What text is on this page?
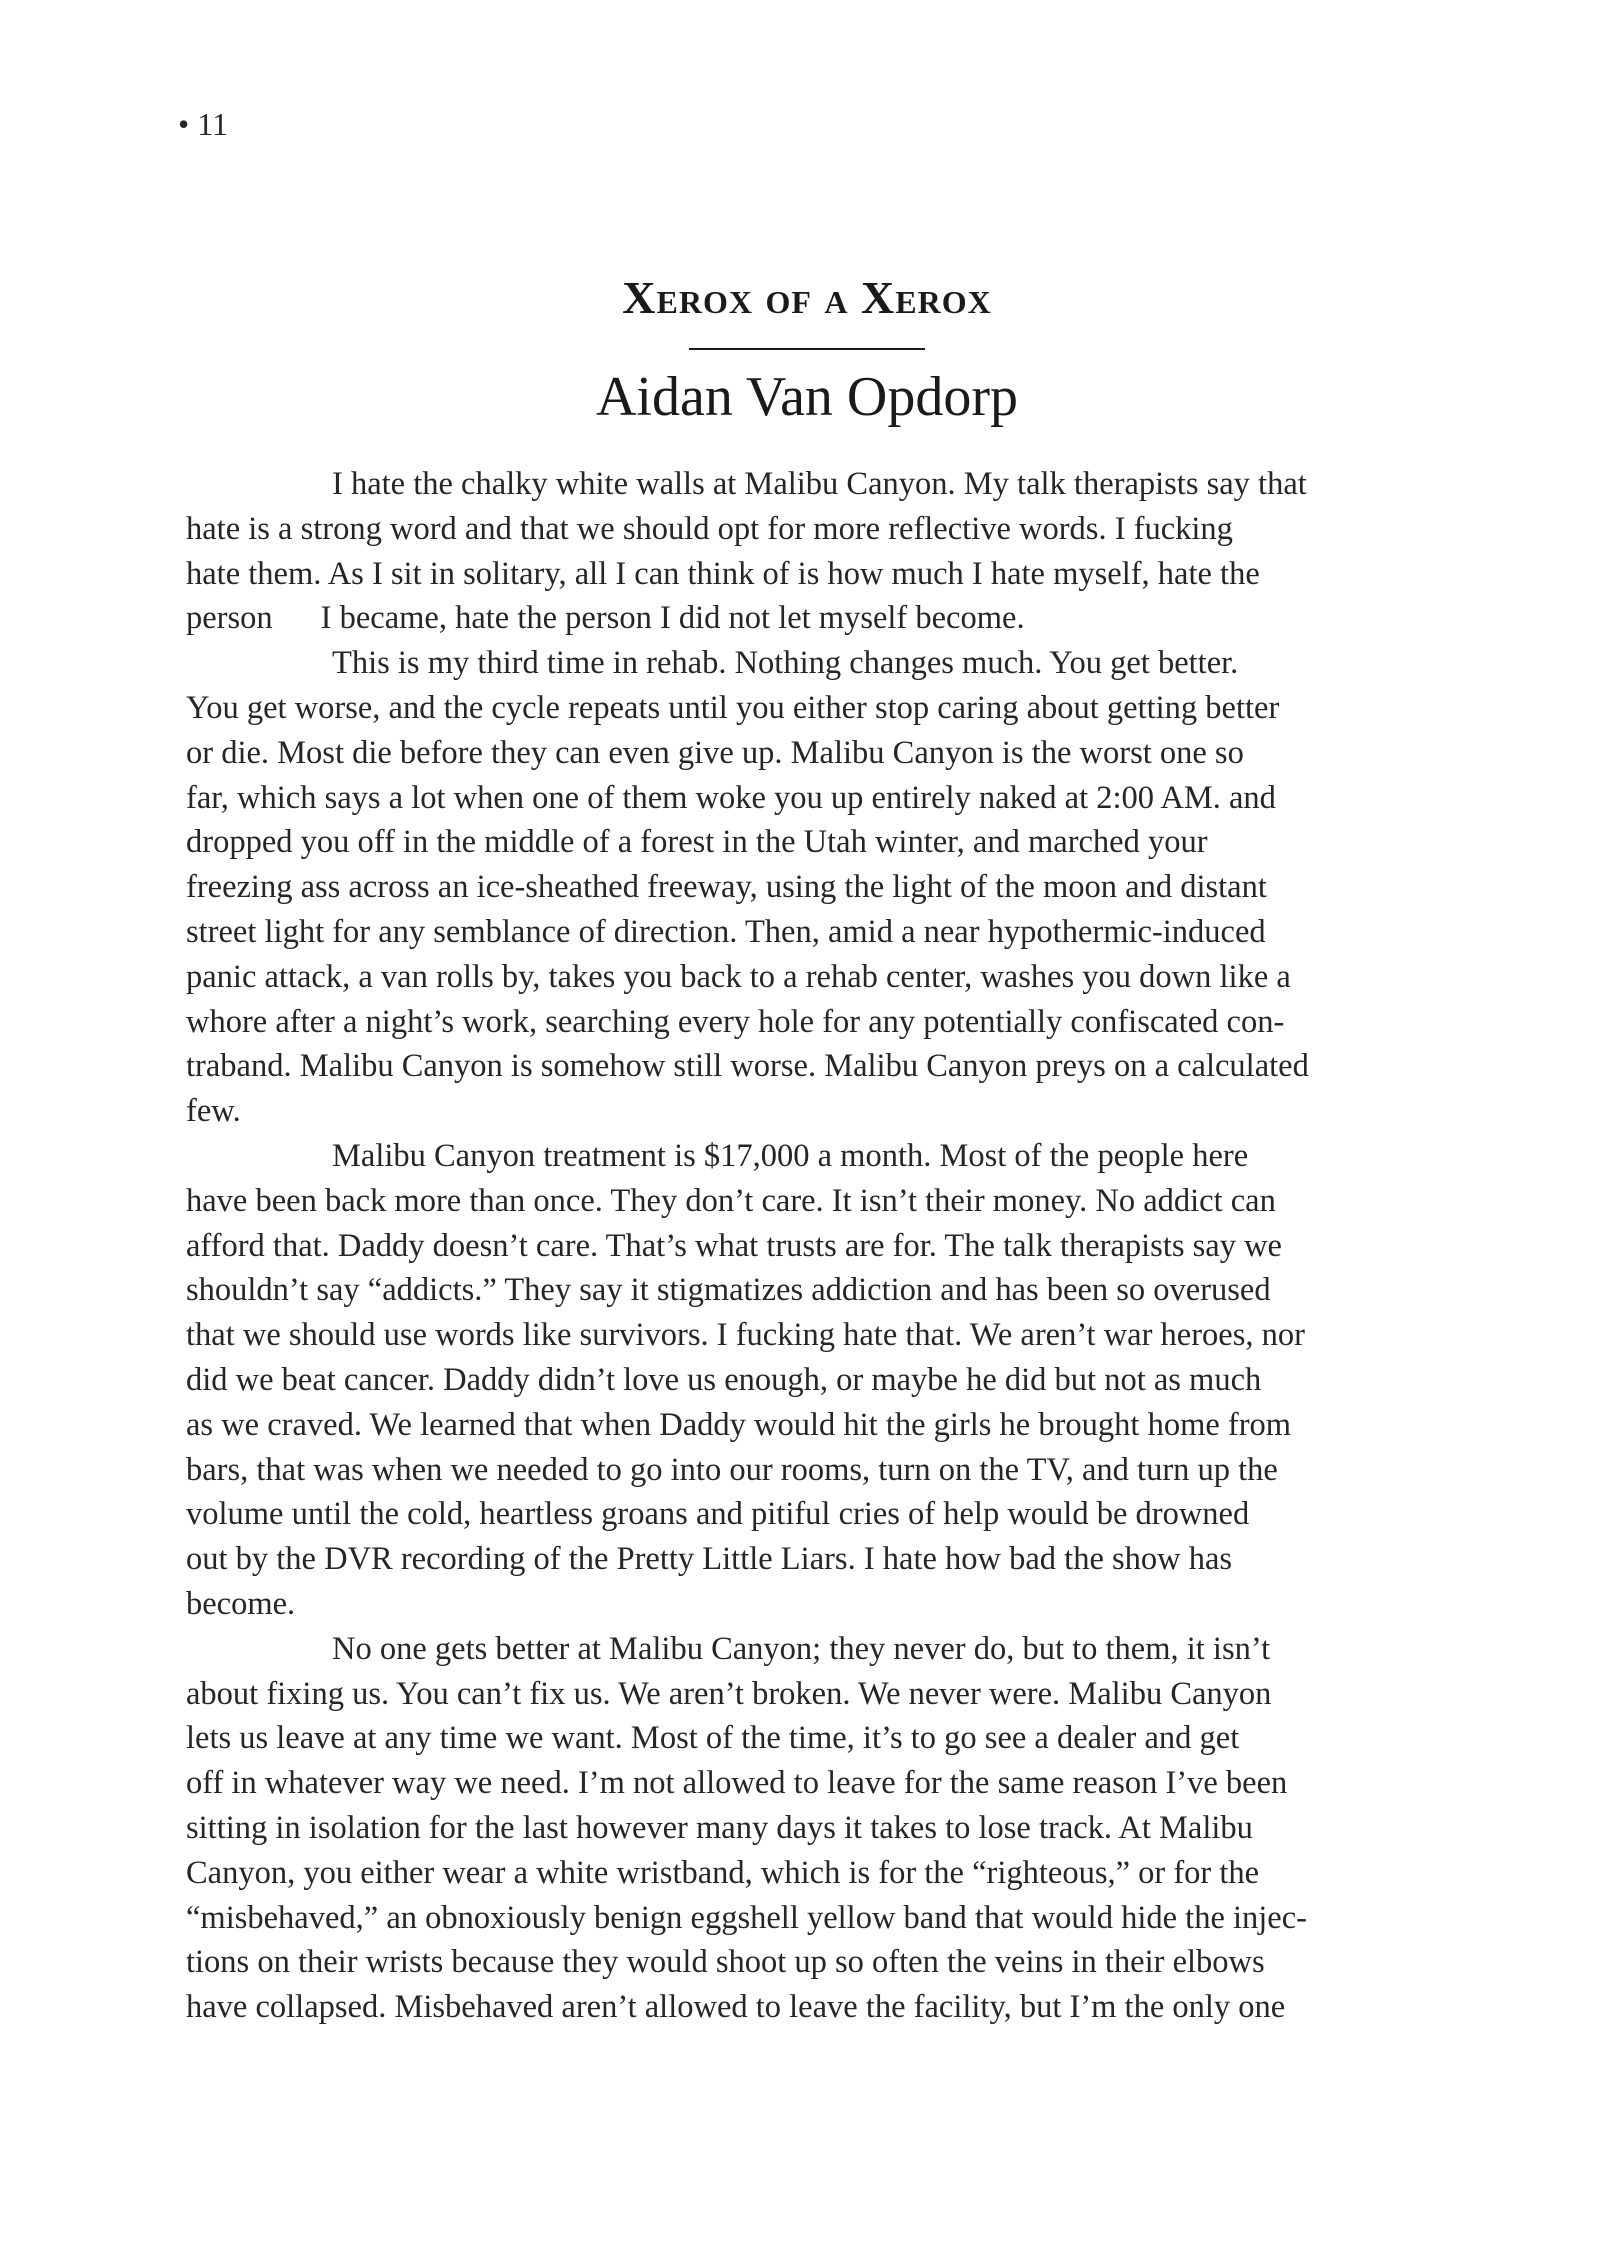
• 11
Xerox of a Xerox
Aidan Van Opdorp
I hate the chalky white walls at Malibu Canyon. My talk therapists say that
hate is a strong word and that we should opt for more reflective words. I fucking
hate them. As I sit in solitary, all I can think of is how much I hate myself, hate the
person I became, hate the person I did not let myself become.
This is my third time in rehab. Nothing changes much. You get better.
You get worse, and the cycle repeats until you either stop caring about getting better
or die. Most die before they can even give up. Malibu Canyon is the worst one so
far, which says a lot when one of them woke you up entirely naked at 2:00 AM. and
dropped you off in the middle of a forest in the Utah winter, and marched your
freezing ass across an ice-sheathed freeway, using the light of the moon and distant
street light for any semblance of direction. Then, amid a near hypothermic-induced
panic attack, a van rolls by, takes you back to a rehab center, washes you down like a
whore after a night’s work, searching every hole for any potentially confiscated con-
traband. Malibu Canyon is somehow still worse. Malibu Canyon preys on a calculated
few.
Malibu Canyon treatment is $17,000 a month. Most of the people here
have been back more than once. They don’t care. It isn’t their money. No addict can
afford that. Daddy doesn’t care. That’s what trusts are for. The talk therapists say we
shouldn’t say “addicts.” They say it stigmatizes addiction and has been so overused
that we should use words like survivors. I fucking hate that. We aren’t war heroes, nor
did we beat cancer. Daddy didn’t love us enough, or maybe he did but not as much
as we craved. We learned that when Daddy would hit the girls he brought home from
bars, that was when we needed to go into our rooms, turn on the TV, and turn up the
volume until the cold, heartless groans and pitiful cries of help would be drowned
out by the DVR recording of the Pretty Little Liars. I hate how bad the show has
become.
No one gets better at Malibu Canyon; they never do, but to them, it isn’t
about fixing us. You can’t fix us. We aren’t broken. We never were. Malibu Canyon
lets us leave at any time we want. Most of the time, it’s to go see a dealer and get
off in whatever way we need. I’m not allowed to leave for the same reason I’ve been
sitting in isolation for the last however many days it takes to lose track. At Malibu
Canyon, you either wear a white wristband, which is for the “righteous,” or for the
“misbehaved,” an obnoxiously benign eggshell yellow band that would hide the injec-
tions on their wrists because they would shoot up so often the veins in their elbows
have collapsed. Misbehaved aren’t allowed to leave the facility, but I’m the only one
